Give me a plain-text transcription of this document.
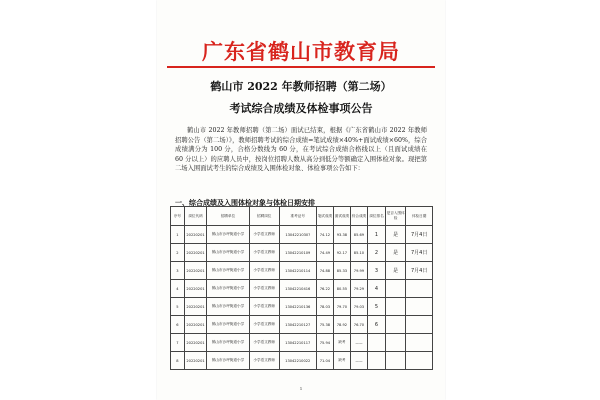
广东省鹤山市教育局
鹤山市 2022 年教师招聘（第二场）
考试综合成绩及体检事项公告
鹤山市 2022 年教师招聘（第二场）面试已结束，根据《广东省鹤山市 2022 年教师招聘公告（第二场）》，教师招聘考试的综合成绩=笔试成绩×40%+面试成绩×60%，综合成绩满分为 100 分，合格分数线为 60 分，在考试综合成绩合格线以上（且面试成绩在 60 分以上）的应聘人员中，按岗位招聘人数从高分到低分等额确定入围体检对象。现把第二场入围面试考生的综合成绩及入围体检对象、体检事项公告如下：
一、综合成绩及入围体检对象与体检日期安排
序号	岗位代码	招聘单位	招聘岗位	准考证号	笔试成绩	面试成绩	综合成绩	岗位排名	是否入围体检	体检日期
1	20220201	鹤山市沙坪街道小学	小学语文教师	1304221030?	74.12	93.38	85.69	1	是	7月4日
2	20220201	鹤山市沙坪街道小学	小学语文教师	13042210109	74.49	92.17	85.10	2	是	7月4日
3	20220201	鹤山市沙坪街道小学	小学语文教师	13042210114	74.88	85.33	79.99	3	是	7月4日
4	20220201	鹤山市沙坪街道小学	小学语文教师	13042210416	76.22	80.55	79.29	4		
5	20220201	鹤山市沙坪街道小学	小学语文教师	13042210136	78.03	79.70	79.03	5		
6	20220201	鹤山市沙坪街道小学	小学语文教师	13042210127	75.38	78.92	76.70	6		
7	20220201	鹤山市沙坪街道小学	小学语文教师	13042210117	75.94	缺考	——			
8	20220201	鹤山市沙坪街道小学	小学语文教师	13042210022	71.04	缺考	——			
1
